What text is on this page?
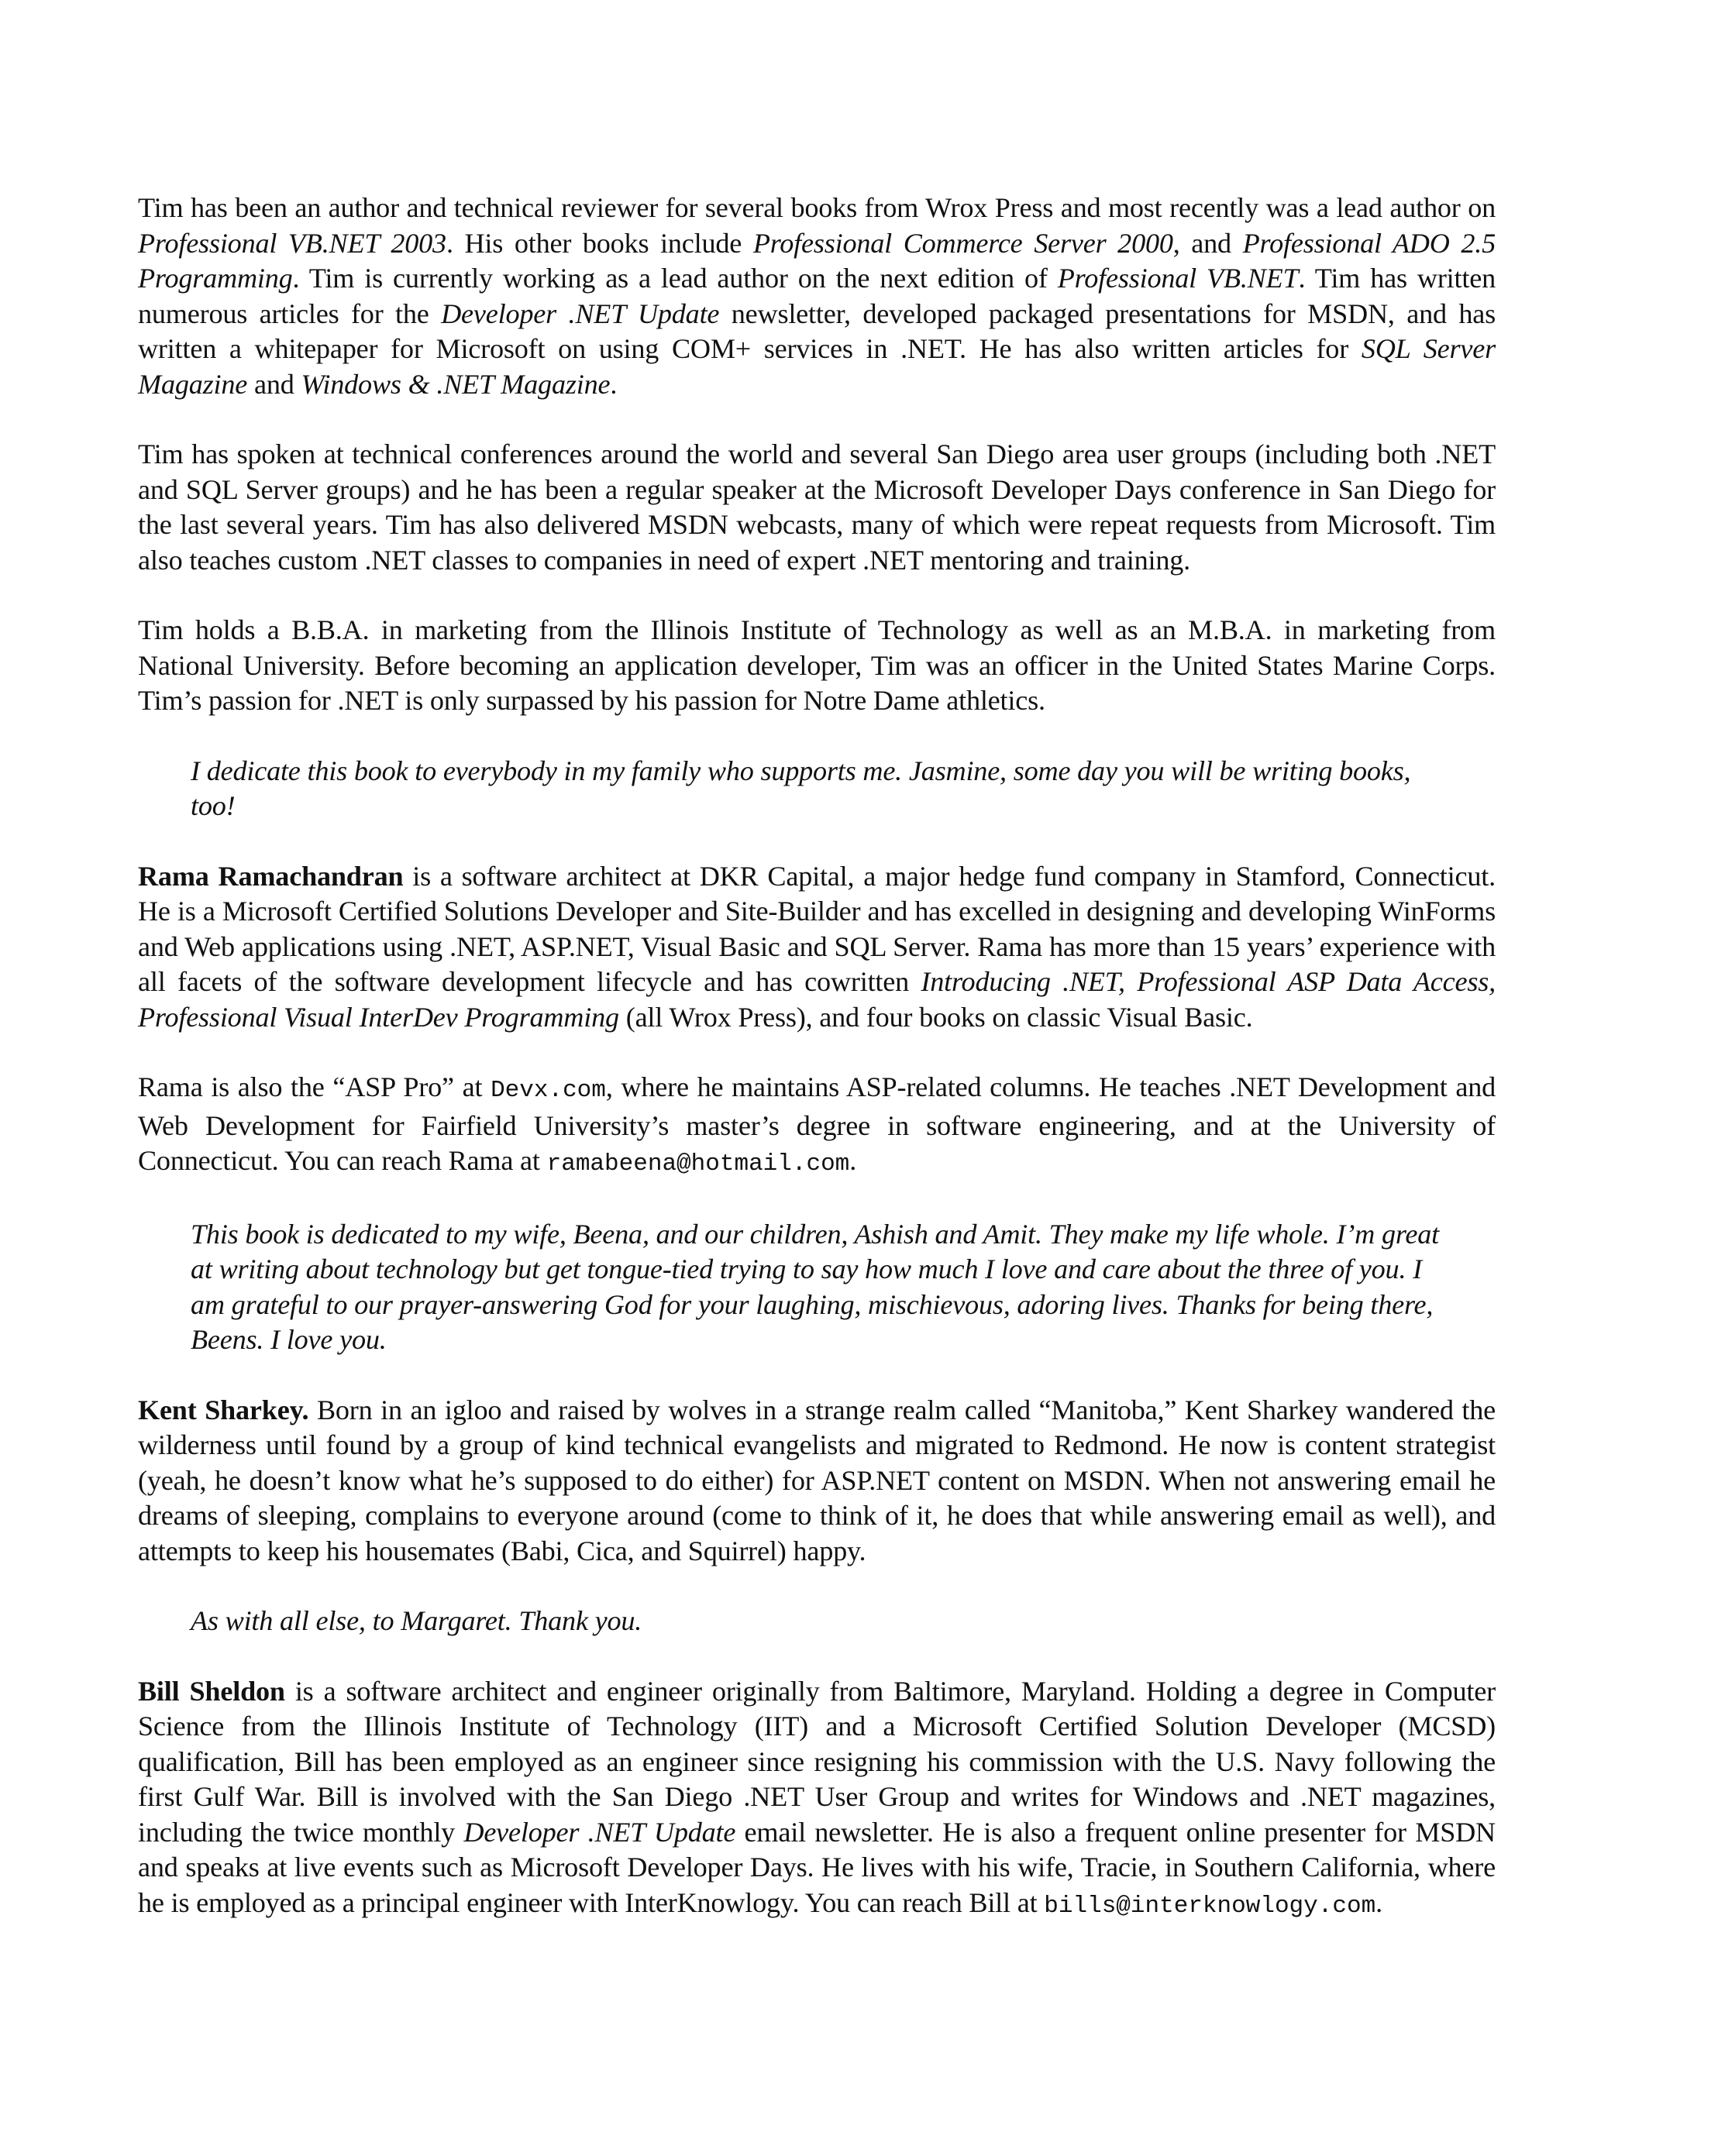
Tim has been an author and technical reviewer for several books from Wrox Press and most recently was a lead author on Professional VB.NET 2003. His other books include Professional Commerce Server 2000, and Professional ADO 2.5 Programming. Tim is currently working as a lead author on the next edition of Professional VB.NET. Tim has written numerous articles for the Developer .NET Update newsletter, developed packaged presentations for MSDN, and has written a whitepaper for Microsoft on using COM+ services in .NET. He has also written articles for SQL Server Magazine and Windows & .NET Magazine.

Tim has spoken at technical conferences around the world and several San Diego area user groups (including both .NET and SQL Server groups) and he has been a regular speaker at the Microsoft Developer Days conference in San Diego for the last several years. Tim has also delivered MSDN webcasts, many of which were repeat requests from Microsoft. Tim also teaches custom .NET classes to companies in need of expert .NET mentoring and training.

Tim holds a B.B.A. in marketing from the Illinois Institute of Technology as well as an M.B.A. in marketing from National University. Before becoming an application developer, Tim was an officer in the United States Marine Corps. Tim’s passion for .NET is only surpassed by his passion for Notre Dame athletics.

I dedicate this book to everybody in my family who supports me. Jasmine, some day you will be writing books, too!

Rama Ramachandran is a software architect at DKR Capital, a major hedge fund company in Stamford, Connecticut. He is a Microsoft Certified Solutions Developer and Site-Builder and has excelled in designing and developing WinForms and Web applications using .NET, ASP.NET, Visual Basic and SQL Server. Rama has more than 15 years’ experience with all facets of the software development lifecycle and has cowritten Introducing .NET, Professional ASP Data Access, Professional Visual InterDev Programming (all Wrox Press), and four books on classic Visual Basic.

Rama is also the “ASP Pro” at Devx.com, where he maintains ASP-related columns. He teaches .NET Development and Web Development for Fairfield University’s master’s degree in software engineering, and at the University of Connecticut. You can reach Rama at ramabeena@hotmail.com.

This book is dedicated to my wife, Beena, and our children, Ashish and Amit. They make my life whole. I’m great at writing about technology but get tongue-tied trying to say how much I love and care about the three of you. I am grateful to our prayer-answering God for your laughing, mischievous, adoring lives. Thanks for being there, Beens. I love you.

Kent Sharkey. Born in an igloo and raised by wolves in a strange realm called “Manitoba,” Kent Sharkey wandered the wilderness until found by a group of kind technical evangelists and migrated to Redmond. He now is content strategist (yeah, he doesn’t know what he’s supposed to do either) for ASP.NET content on MSDN. When not answering email he dreams of sleeping, complains to everyone around (come to think of it, he does that while answering email as well), and attempts to keep his housemates (Babi, Cica, and Squirrel) happy.

As with all else, to Margaret. Thank you.

Bill Sheldon is a software architect and engineer originally from Baltimore, Maryland. Holding a degree in Computer Science from the Illinois Institute of Technology (IIT) and a Microsoft Certified Solution Developer (MCSD) qualification, Bill has been employed as an engineer since resigning his commission with the U.S. Navy following the first Gulf War. Bill is involved with the San Diego .NET User Group and writes for Windows and .NET magazines, including the twice monthly Developer .NET Update email newsletter. He is also a frequent online presenter for MSDN and speaks at live events such as Microsoft Developer Days. He lives with his wife, Tracie, in Southern California, where he is employed as a principal engineer with InterKnowlogy. You can reach Bill at bills@interknowlogy.com.
